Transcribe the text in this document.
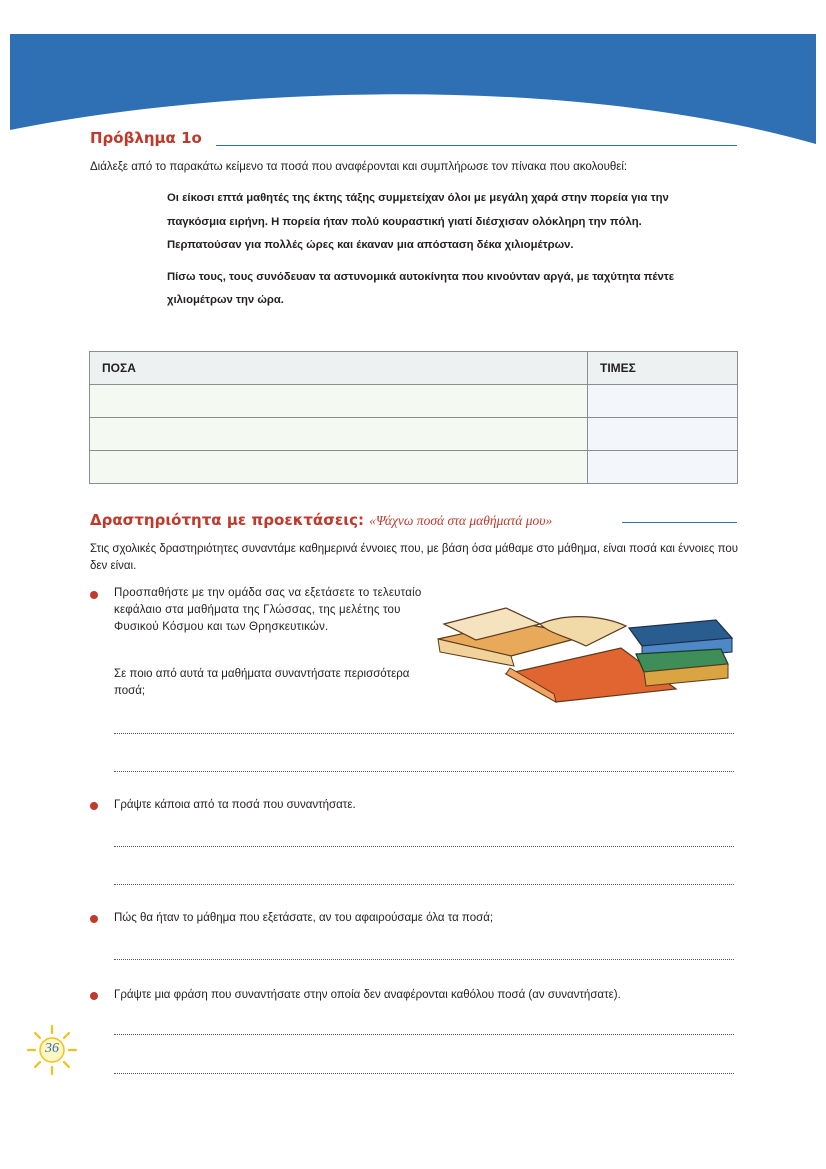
Πρόβλημα 1ο
Διάλεξε από το παρακάτω κείμενο τα ποσά που αναφέρονται και συμπλήρωσε τον πίνακα που ακολουθεί:

Οι είκοσι επτά μαθητές της έκτης τάξης συμμετείχαν όλοι με μεγάλη χαρά στην πορεία για την παγκόσμια ειρήνη. Η πορεία ήταν πολύ κουραστική γιατί διέσχισαν ολόκληρη την πόλη. Περπατούσαν για πολλές ώρες και έκαναν μια απόσταση δέκα χιλιομέτρων.

Πίσω τους, τους συνόδευαν τα αστυνομικά αυτοκίνητα που κινούνταν αργά, με ταχύτητα πέντε χιλιομέτρων την ώρα.

ΠΟΣΑ	ΤΙΜΕΣ

Δραστηριότητα με προεκτάσεις: «Ψάχνω ποσά στα μαθήματά μου»
Στις σχολικές δραστηριότητες συναντάμε καθημερινά έννοιες που, με βάση όσα μάθαμε στο μάθημα, είναι ποσά και έννοιες που δεν είναι.
Προσπαθήστε με την ομάδα σας να εξετάσετε το τελευταίο κεφάλαιο στα μαθήματα της Γλώσσας, της μελέτης του Φυσικού Κόσμου και των Θρησκευτικών.
Σε ποιο από αυτά τα μαθήματα συναντήσατε περισσότερα ποσά;
Γράψτε κάποια από τα ποσά που συναντήσατε.
Πώς θα ήταν το μάθημα που εξετάσατε, αν του αφαιρούσαμε όλα τα ποσά;
Γράψτε μια φράση που συναντήσατε στην οποία δεν αναφέρονται καθόλου ποσά (αν συναντήσατε).
36
